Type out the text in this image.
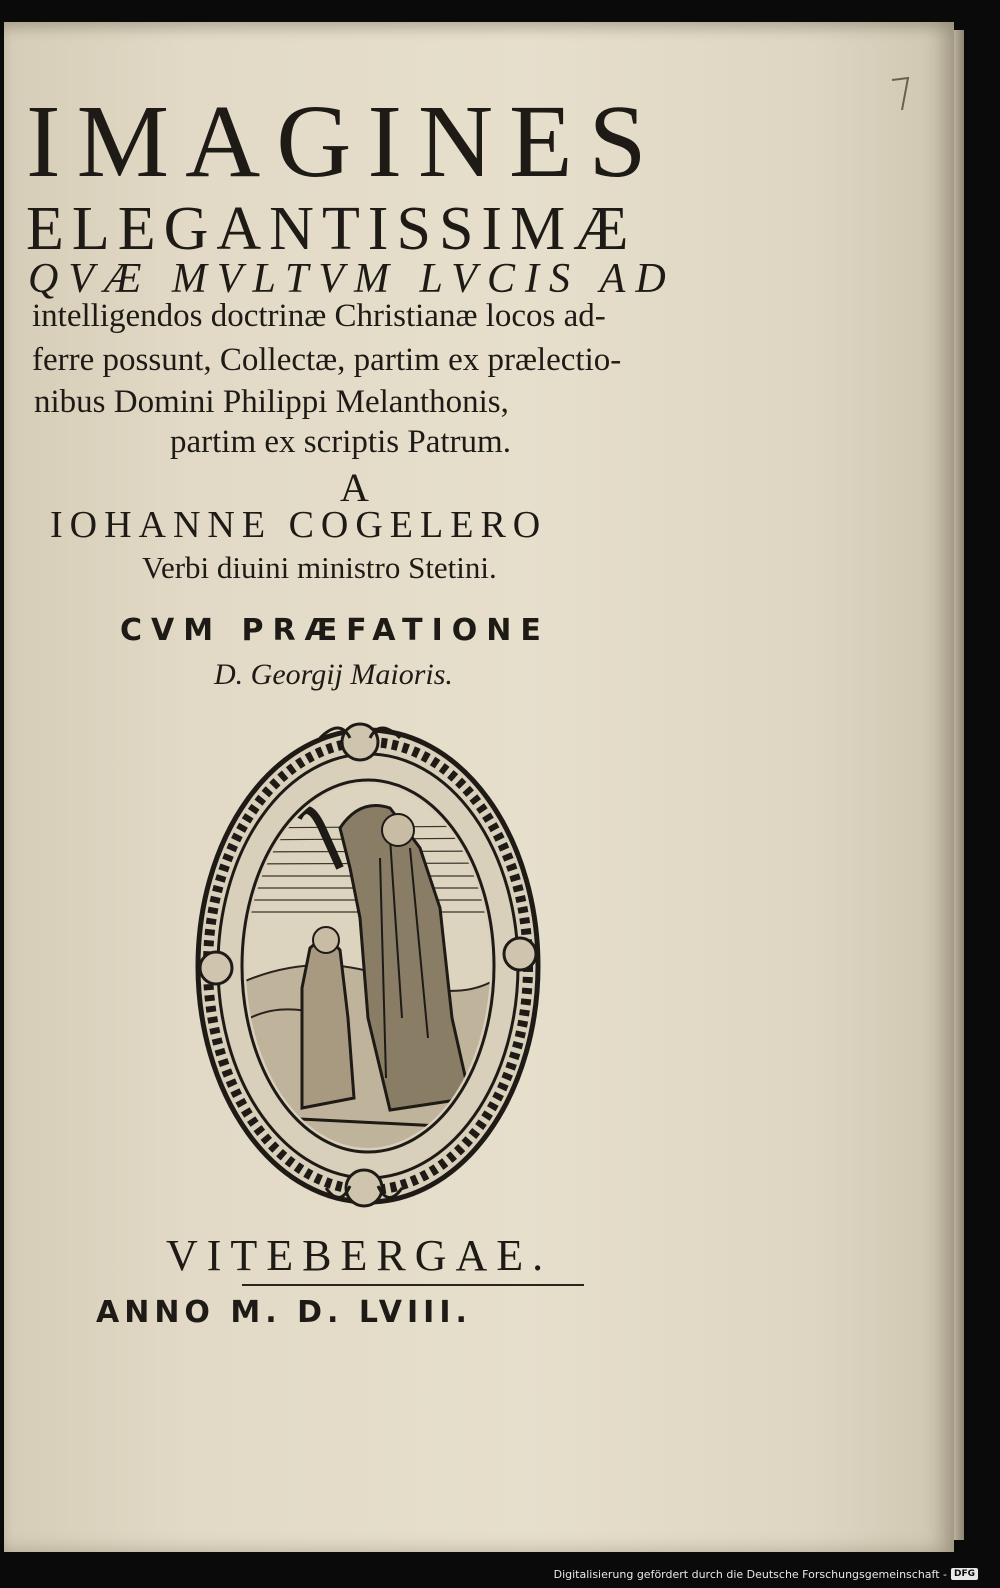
IMAGINES
ELEGANTISSIMÆ
QVÆ MVLTVM LVCIS AD
intelligendos doctrinæ Christianæ locos ad-
ferre possunt, Collectæ, partim ex prælectio-
nibus Domini Philippi Melanthonis,
partim ex scriptis Patrum.
A
IOHANNE COGELERO
Verbi diuini ministro Stetini.
CVM PRÆFATIONE
D. Georgij Maioris.
VITEBERGAE.
ANNO M. D. LVIII.
Digitalisierung gefördert durch die Deutsche Forschungsgemeinschaft - DFG
